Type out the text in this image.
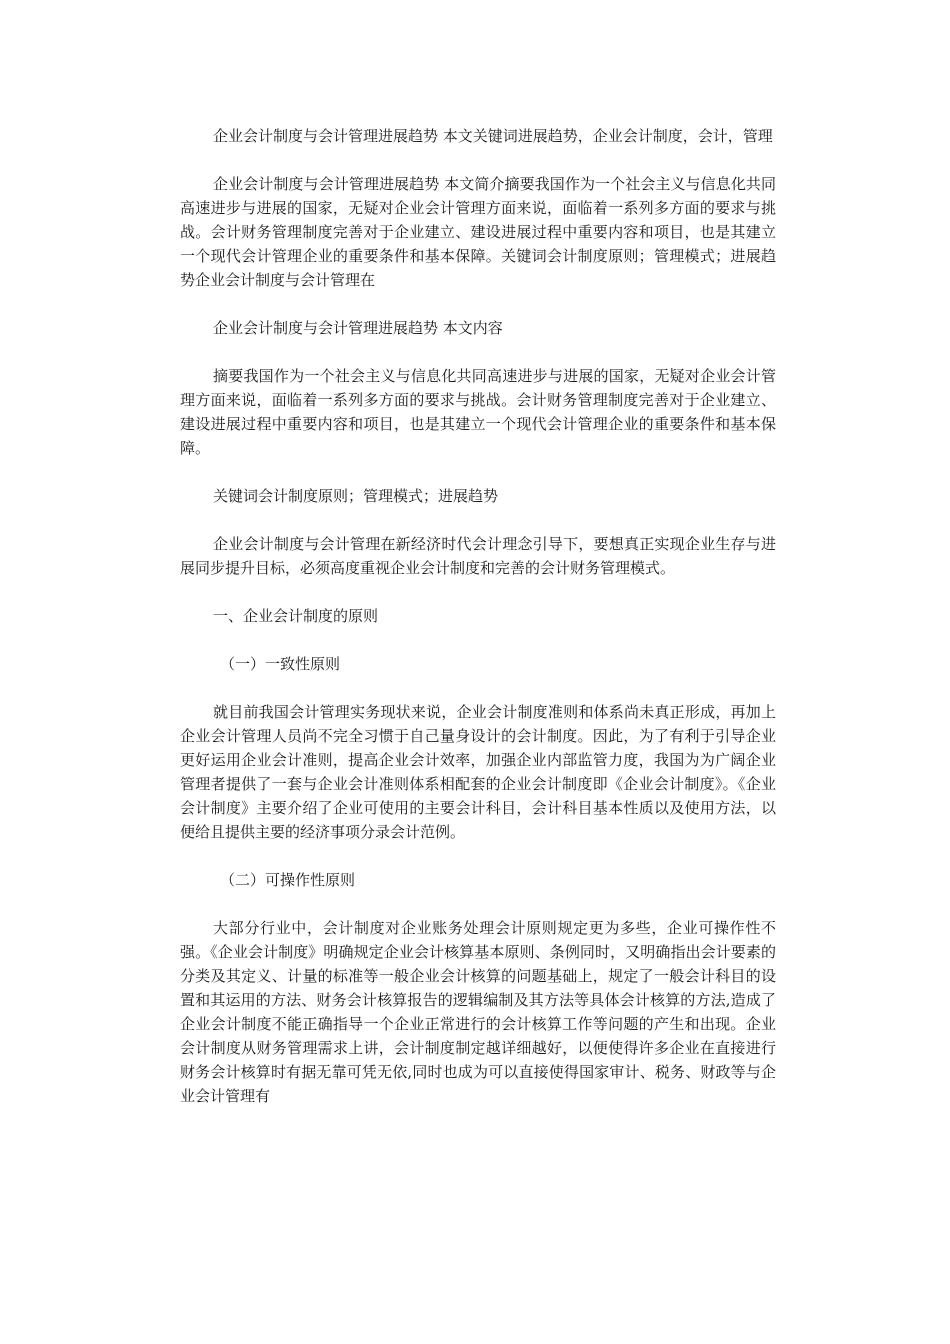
企业会计制度与会计管理进展趋势 本文关键词进展趋势，企业会计制度，会计，管理

企业会计制度与会计管理进展趋势 本文简介摘要我国作为一个社会主义与信息化共同高速进步与进展的国家，无疑对企业会计管理方面来说，面临着一系列多方面的要求与挑战。会计财务管理制度完善对于企业建立、建设进展过程中重要内容和项目，也是其建立一个现代会计管理企业的重要条件和基本保障。关键词会计制度原则；管理模式；进展趋势企业会计制度与会计管理在

企业会计制度与会计管理进展趋势 本文内容

摘要我国作为一个社会主义与信息化共同高速进步与进展的国家，无疑对企业会计管理方面来说，面临着一系列多方面的要求与挑战。会计财务管理制度完善对于企业建立、建设进展过程中重要内容和项目，也是其建立一个现代会计管理企业的重要条件和基本保障。

关键词会计制度原则；管理模式；进展趋势

企业会计制度与会计管理在新经济时代会计理念引导下，要想真正实现企业生存与进展同步提升目标，必须高度重视企业会计制度和完善的会计财务管理模式。

一、企业会计制度的原则

（一）一致性原则

就目前我国会计管理实务现状来说，企业会计制度准则和体系尚未真正形成，再加上企业会计管理人员尚不完全习惯于自己量身设计的会计制度。因此，为了有利于引导企业更好运用企业会计准则，提高企业会计效率，加强企业内部监管力度，我国为为广阔企业管理者提供了一套与企业会计准则体系相配套的企业会计制度即《企业会计制度》。《企业会计制度》主要介绍了企业可使用的主要会计科目，会计科目基本性质以及使用方法，以便给且提供主要的经济事项分录会计范例。

（二）可操作性原则

大部分行业中，会计制度对企业账务处理会计原则规定更为多些，企业可操作性不强。《企业会计制度》明确规定企业会计核算基本原则、条例同时，又明确指出会计要素的分类及其定义、计量的标准等一般企业会计核算的问题基础上，规定了一般会计科目的设置和其运用的方法、财务会计核算报告的逻辑编制及其方法等具体会计核算的方法,造成了企业会计制度不能正确指导一个企业正常进行的会计核算工作等问题的产生和出现。企业会计制度从财务管理需求上讲，会计制度制定越详细越好，以便使得许多企业在直接进行财务会计核算时有据无靠可凭无依,同时也成为可以直接使得国家审计、税务、财政等与企业会计管理有
